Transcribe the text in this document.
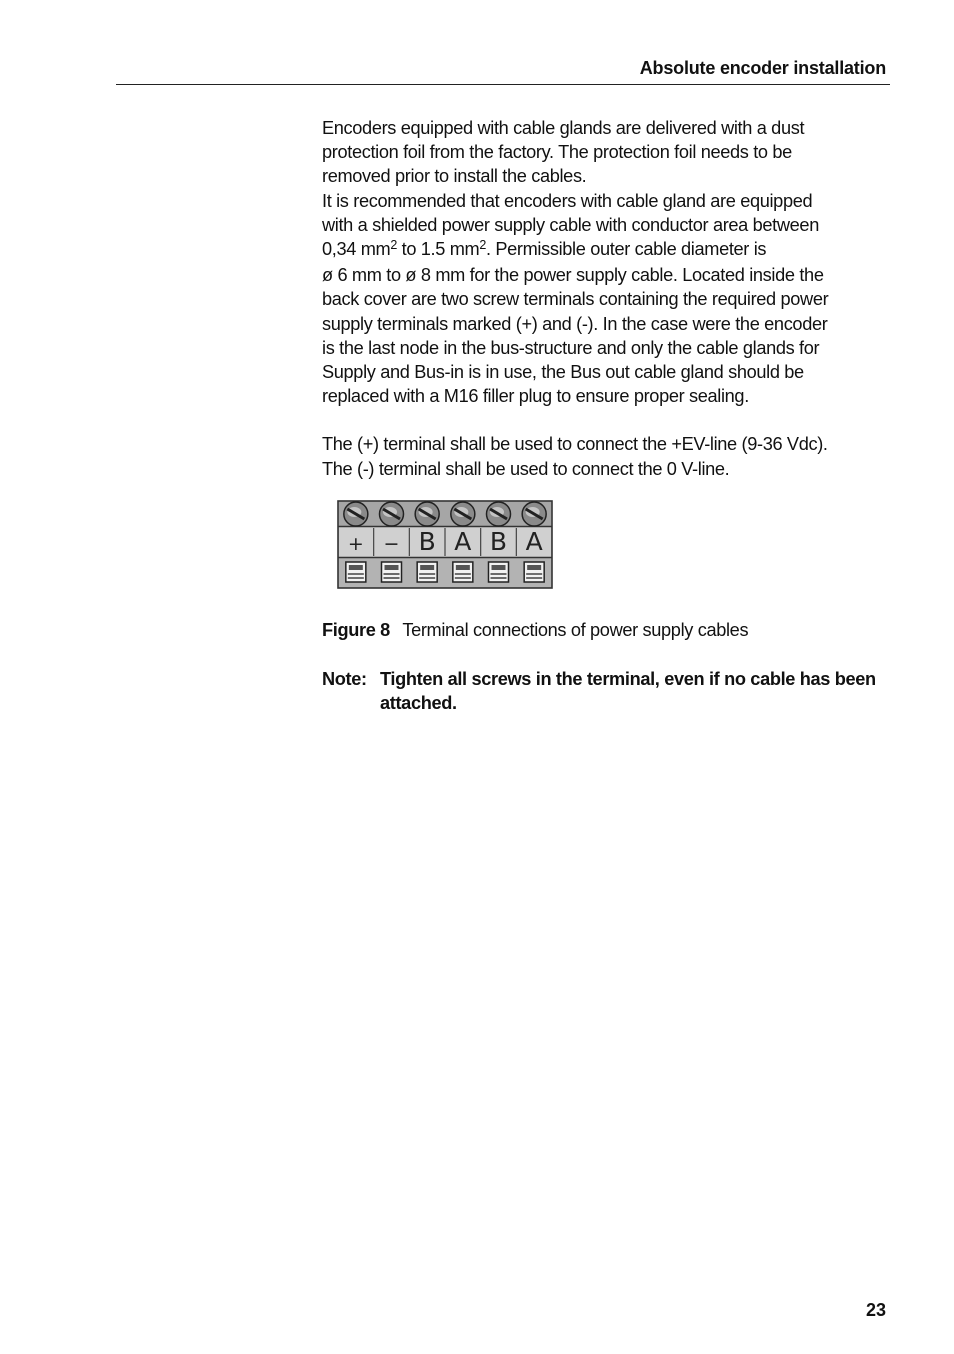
Absolute encoder installation

Encoders equipped with cable glands are delivered with a dust
protection foil from the factory. The protection foil needs to be
removed prior to install the cables.

It is recommended that encoders with cable gland are equipped
with a shielded power supply cable with conductor area between
0,34 $mm^2$ to 1.5 $mm^2$. Permissible outer cable diameter is
ø 6 mm to ø 8 mm for the power supply cable. Located inside the
back cover are two screw terminals containing the required power
supply terminals marked (+) and (-). In the case were the encoder
is the last node in the bus-structure and only the cable glands for
Supply and Bus-in is in use, the Bus out cable gland should be
replaced with a M16 filler plug to ensure proper sealing.

The (+) terminal shall be used to connect the +EV-line (9-36 Vdc).
The (-) terminal shall be used to connect the 0 V-line.

+ − B A B A
Figure 8 Terminal connections of power supply cables
Note: Tighten all screws in the terminal, even if no cable has been attached.
23
